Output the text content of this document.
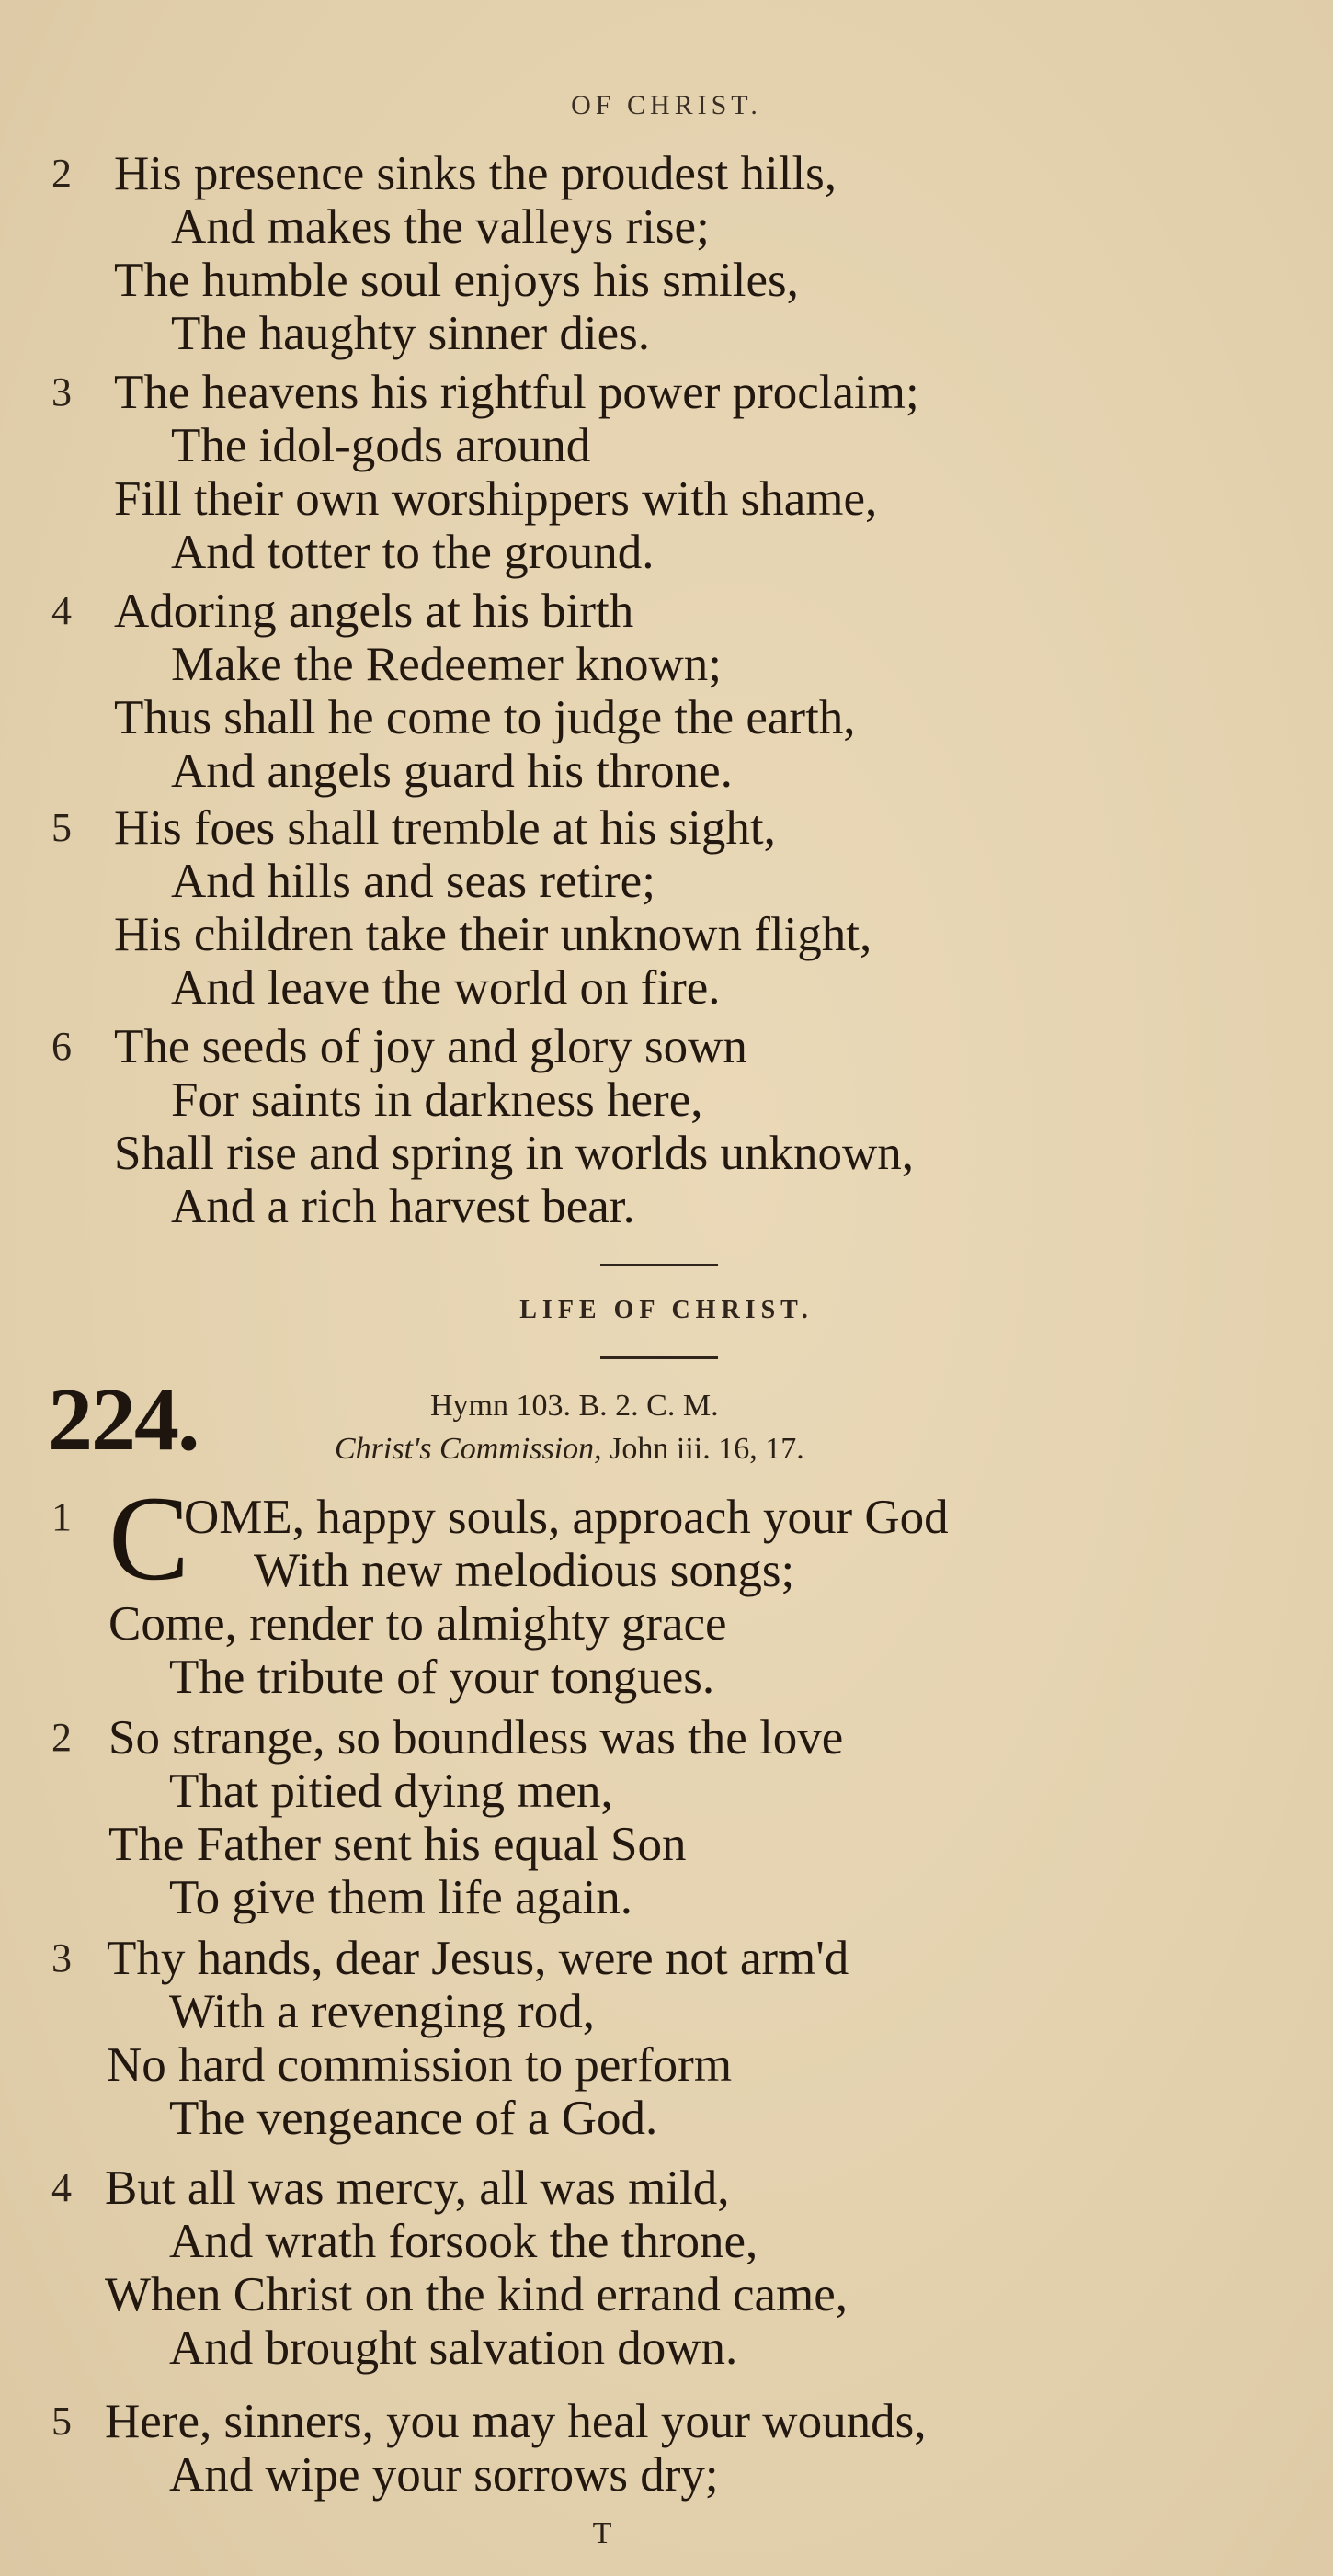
OF CHRIST.
2 His presence sinks the proudest hills,
And makes the valleys rise;
The humble soul enjoys his smiles,
The haughty sinner dies.
3 The heavens his rightful power proclaim;
The idol-gods around
Fill their own worshippers with shame,
And totter to the ground.
4 Adoring angels at his birth
Make the Redeemer known;
Thus shall he come to judge the earth,
And angels guard his throne.
5 His foes shall tremble at his sight,
And hills and seas retire;
His children take their unknown flight,
And leave the world on fire.
6 The seeds of joy and glory sown
For saints in darkness here,
Shall rise and spring in worlds unknown,
And a rich harvest bear.
LIFE OF CHRIST.
224.	Hymn 103. B. 2. C. M.
Christ's Commission, John iii. 16, 17.
1 C
OME, happy souls, approach your God
With new melodious songs;
Come, render to almighty grace
The tribute of your tongues.
2 So strange, so boundless was the love
That pitied dying men,
The Father sent his equal Son
To give them life again.
3 Thy hands, dear Jesus, were not arm'd
With a revenging rod,
No hard commission to perform
The vengeance of a God.
4 But all was mercy, all was mild,
And wrath forsook the throne,
When Christ on the kind errand came,
And brought salvation down.
5 Here, sinners, you may heal your wounds,
And wipe your sorrows dry;
T
